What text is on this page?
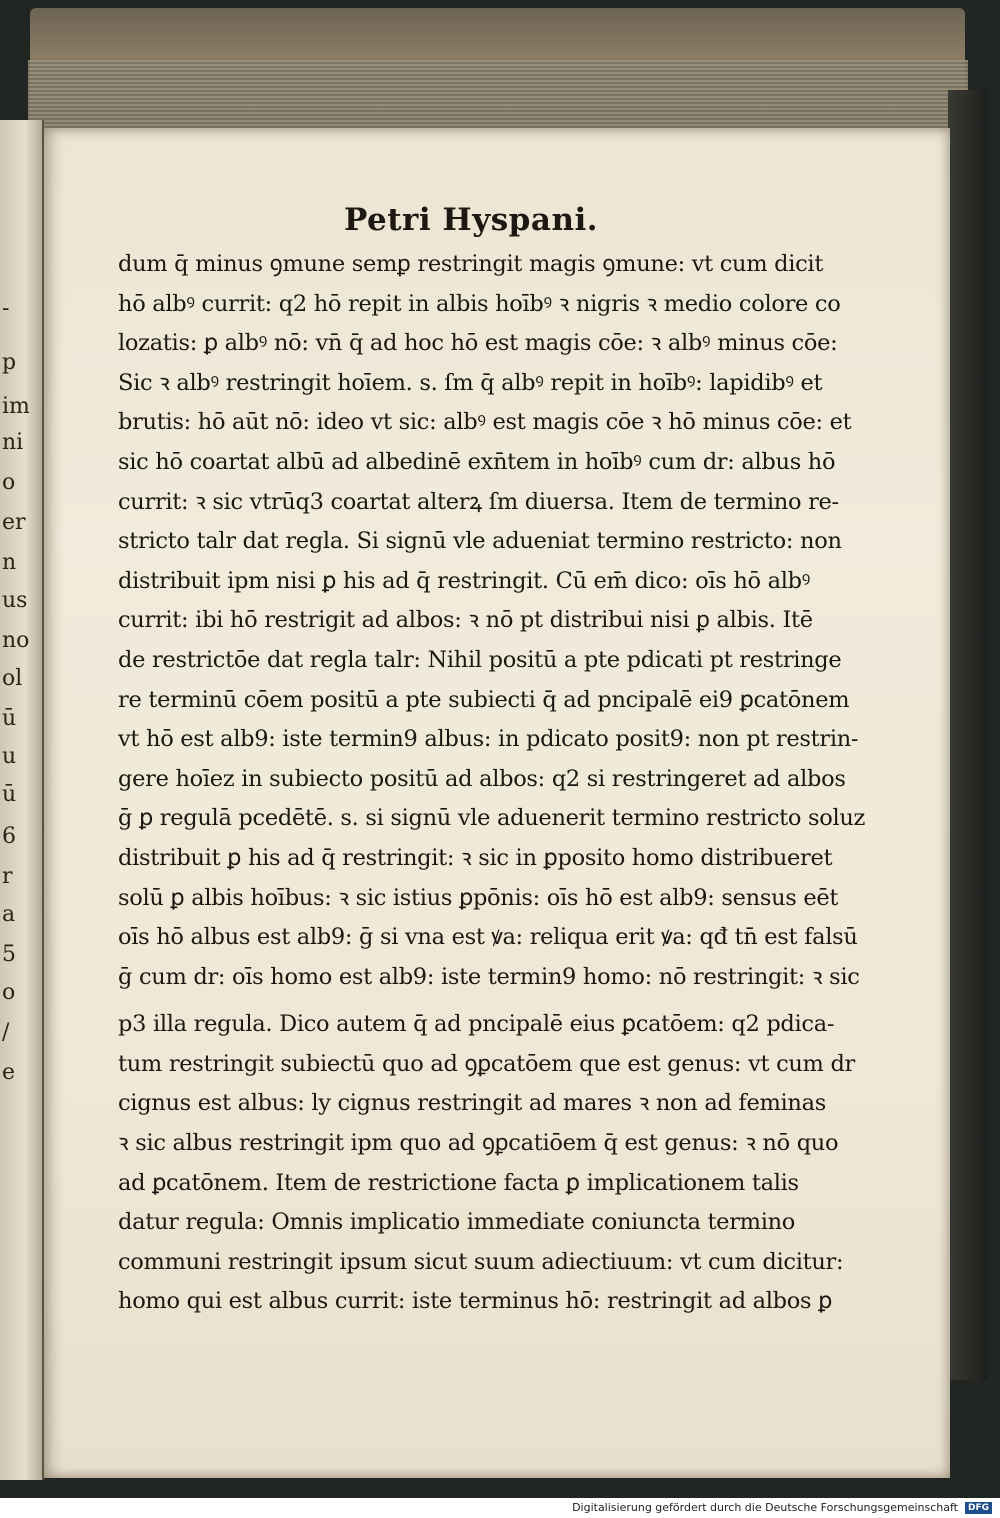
-
p
im
ni
o
er
n
us
no
ol
ū
u
ū
6
r
a
5
o
/
e
Petri Hyspani.
dum q̄ minus ꝯmune semꝑ restringit magis ꝯmune: vt cum dicit
hō albꝰ currit: q2 hō repit in albis hoībꝰ ꝛ nigris ꝛ medio colore co
lozatis: ꝑ albꝰ nō: vn̄ q̄ ad hoc hō est magis cōe: ꝛ albꝰ minus cōe:
Sic ꝛ albꝰ restringit hoīem. s. ſm q̄ albꝰ repit in hoībꝰ: lapidibꝰ et
brutis: hō aūt nō: ideo vt sic: albꝰ est magis cōe ꝛ hō minus cōe: et
sic hō coartat albū ad albedinē exn̄tem in hoībꝰ cum dr: albus hō
currit: ꝛ sic vtrūq3 coartat alterꝝ ſm diuersa. Item de termino re-
stricto talr dat regla. Si signū vle adueniat termino restricto: non
distribuit ipm nisi ꝑ his ad q̄ restringit. Cū em̄ dico: oīs hō albꝰ
currit: ibi hō restrigit ad albos: ꝛ nō pt distribui nisi ꝑ albis. Itē
de restrictōe dat regla talr: Nihil positū a pte pdicati pt restringe
re terminū cōem positū a pte subiecti q̄ ad pncipalē ei9 ꝑcatōnem
vt hō est alb9: iste termin9 albus: in pdicato posit9: non pt restrin-
gere hoīez in subiecto positū ad albos: q2 si restringeret ad albos
ḡ ꝑ regulā pcedētē. s. si signū vle aduenerit termino restricto soluz
distribuit ꝑ his ad q̄ restringit: ꝛ sic in ꝑposito homo distribueret
solū ꝑ albis hoībus: ꝛ sic istius ꝑpōnis: oīs hō est alb9: sensus eēt
oīs hō albus est alb9: ḡ si vna est ꝟa: reliqua erit ꝟa: qđ tn̄ est falsū
ḡ cum dr: oīs homo est alb9: iste termin9 homo: nō restringit: ꝛ sic
p3 illa regula. Dico autem q̄ ad pncipalē eius ꝑcatōem: q2 pdica-
tum restringit subiectū quo ad ꝯꝑcatōem que est genus: vt cum dr
cignus est albus: ly cignus restringit ad mares ꝛ non ad feminas
ꝛ sic albus restringit ipm quo ad ꝯꝑcatiōem q̄ est genus: ꝛ nō quo
ad ꝑcatōnem. Item de restrictione facta ꝑ implicationem talis
datur regula: Omnis implicatio immediate coniuncta termino
communi restringit ipsum sicut suum adiectiuum: vt cum dicitur:
homo qui est albus currit: iste terminus hō: restringit ad albos ꝑ
Digitalisierung gefördert durch die Deutsche Forschungsgemeinschaft	DFG
